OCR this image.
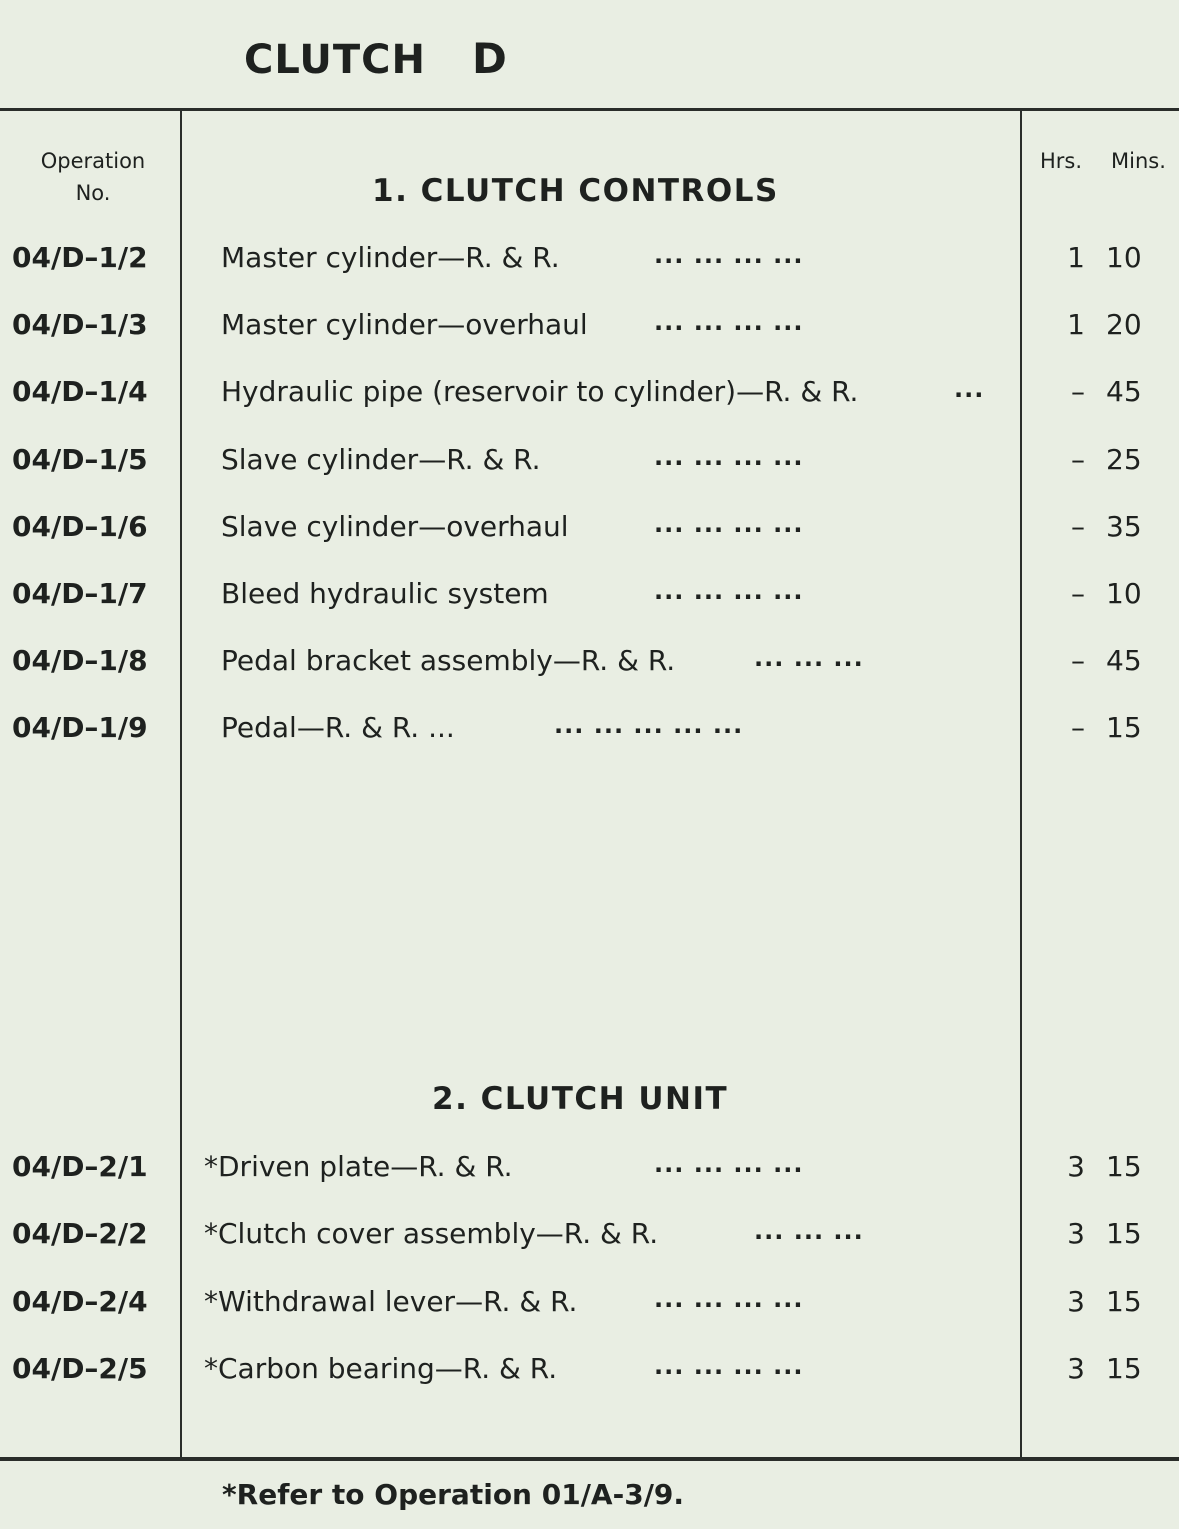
CLUTCH D
Operation
No.
Hrs. Mins.
1. CLUTCH CONTROLS
04/D–1/2	Master cylinder—R. & R.	... ... ... ...	1 10
04/D–1/3	Master cylinder—overhaul	... ... ... ...	1 20
04/D–1/4	Hydraulic pipe (reservoir to cylinder)—R. & R.	...	– 45
04/D–1/5	Slave cylinder—R. & R.	... ... ... ...	– 25
04/D–1/6	Slave cylinder—overhaul	... ... ... ...	– 35
04/D–1/7	Bleed hydraulic system	... ... ... ...	– 10
04/D–1/8	Pedal bracket assembly—R. & R.	... ... ...	– 45
04/D–1/9	Pedal—R. & R. ...	... ... ... ... ...	– 15
2. CLUTCH UNIT
04/D–2/1 *Driven plate—R. & R.	... ... ... ...	3 15
04/D–2/2 *Clutch cover assembly—R. & R.	... ... ...	3 15
04/D–2/4 *Withdrawal lever—R. & R.	... ... ... ...	3 15
04/D–2/5 *Carbon bearing—R. & R.	... ... ... ...	3 15
*Refer to Operation 01/A-3/9.
